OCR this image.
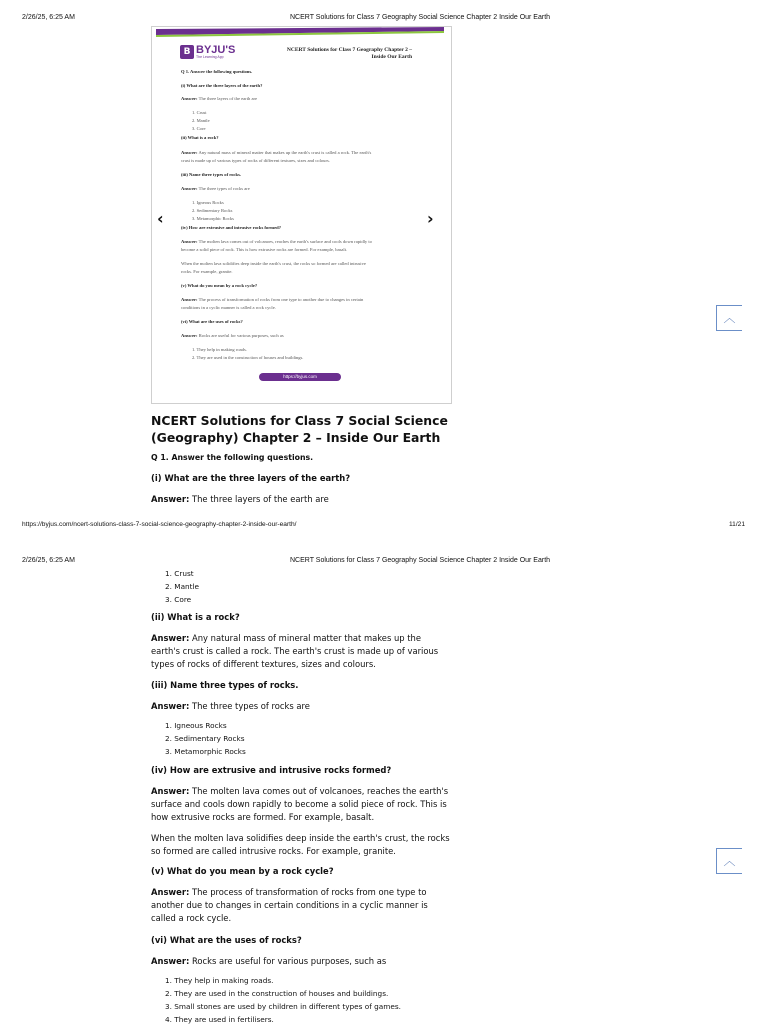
2/26/25, 6:25 AM	NCERT Solutions for Class 7 Geography Social Science Chapter 2 Inside Our Earth
B BYJU'S
The Learning App
NCERT Solutions for Class 7 Geography Chapter 2 –
Inside Our Earth
Q 1. Answer the following questions.
(i) What are the three layers of the earth?
Answer: The three layers of the earth are
1. Crust
2. Mantle
3. Core
(ii) What is a rock?
Answer: Any natural mass of mineral matter that makes up the earth's crust is called a rock. The earth's
crust is made up of various types of rocks of different textures, sizes and colours.
(iii) Name three types of rocks.
Answer: The three types of rocks are
1. Igneous Rocks
2. Sedimentary Rocks
3. Metamorphic Rocks
(iv) How are extrusive and intrusive rocks formed?
Answer: The molten lava comes out of volcanoes, reaches the earth's surface and cools down rapidly to
become a solid piece of rock. This is how extrusive rocks are formed. For example, basalt.
When the molten lava solidifies deep inside the earth's crust, the rocks so formed are called intrusive
rocks. For example, granite.
(v) What do you mean by a rock cycle?
Answer: The process of transformation of rocks from one type to another due to changes in certain
conditions in a cyclic manner is called a rock cycle.
(vi) What are the uses of rocks?
Answer: Rocks are useful for various purposes, such as
1. They help in making roads.
2. They are used in the construction of houses and buildings.
https://byjus.com
‹	›
︿
NCERT Solutions for Class 7 Social Science
(Geography) Chapter 2 – Inside Our Earth
Q 1. Answer the following questions.
(i) What are the three layers of the earth?
Answer: The three layers of the earth are
https://byjus.com/ncert-solutions-class-7-social-science-geography-chapter-2-inside-our-earth/	11/21
2/26/25, 6:25 AM	NCERT Solutions for Class 7 Geography Social Science Chapter 2 Inside Our Earth
1. Crust
2. Mantle
3. Core
(ii) What is a rock?
Answer: Any natural mass of mineral matter that makes up the
earth's crust is called a rock. The earth's crust is made up of various
types of rocks of different textures, sizes and colours.
(iii) Name three types of rocks.
Answer: The three types of rocks are
1. Igneous Rocks
2. Sedimentary Rocks
3. Metamorphic Rocks
(iv) How are extrusive and intrusive rocks formed?
Answer: The molten lava comes out of volcanoes, reaches the earth's
surface and cools down rapidly to become a solid piece of rock. This is
how extrusive rocks are formed. For example, basalt.
When the molten lava solidifies deep inside the earth's crust, the rocks
so formed are called intrusive rocks. For example, granite.
︿
(v) What do you mean by a rock cycle?
Answer: The process of transformation of rocks from one type to
another due to changes in certain conditions in a cyclic manner is
called a rock cycle.
(vi) What are the uses of rocks?
Answer: Rocks are useful for various purposes, such as
1. They help in making roads.
2. They are used in the construction of houses and buildings.
3. Small stones are used by children in different types of games.
4. They are used in fertilisers.
